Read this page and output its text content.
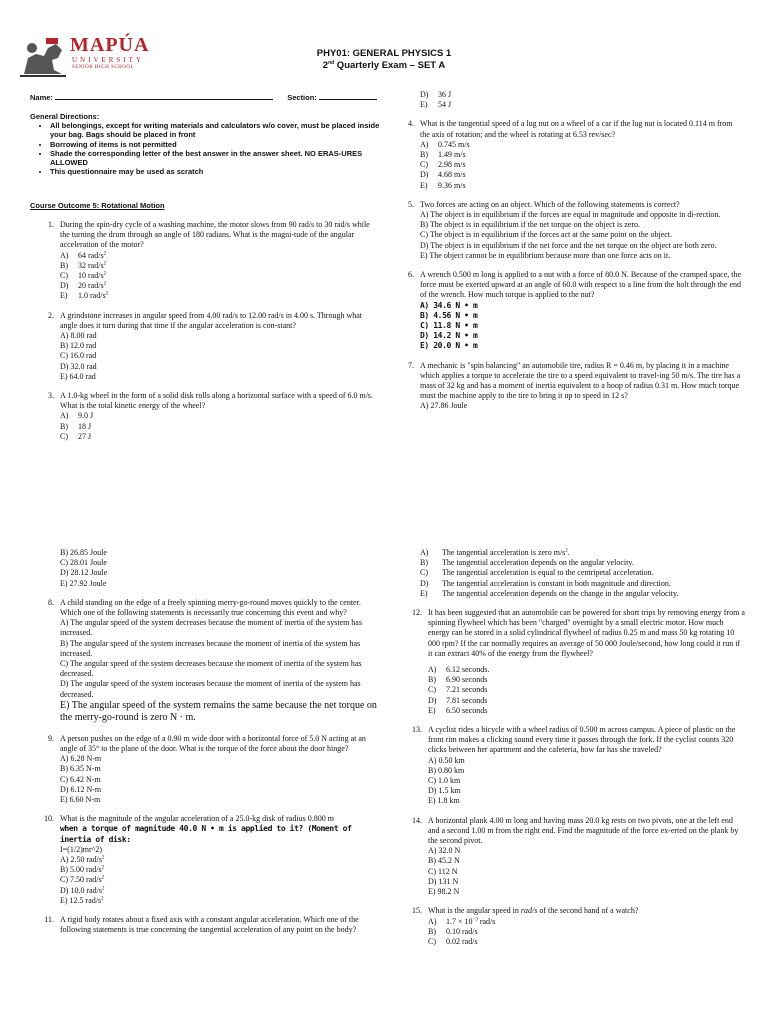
MAPÚA
UNIVERSITY
SENIOR HIGH SCHOOL
PHY01: GENERAL PHYSICS 1
2nd Quarterly Exam – SET A
Name:	Section:
General Directions:
• All belongings, except for writing materials and calculators w/o cover, must be placed inside your bag. Bags should be placed in front
• Borrowing of items is not permitted
• Shade the corresponding letter of the best answer in the answer sheet. NO ERAS-URES ALLOWED
• This questionnaire may be used as scratch
Course Outcome 5: Rotational Motion
1. During the spin-dry cycle of a washing machine, the motor slows from 90 rad/s to 30 rad/s while the turning the drum through an angle of 180 radians. What is the magni-tude of the angular acceleration of the motor?
A)	64 rad/$s^2$
B)	32 rad/$s^2$
C)	10 rad/$s^2$
D)	20 rad/$s^2$
E)	1.0 rad/$s^2$
2. A grindstone increases in angular speed from 4.00 rad/s to 12.00 rad/s in 4.00 s. Through what angle does it turn during that time if the angular acceleration is con-stant?
A) 8.00 rad
B) 12.0 rad
C) 16.0 rad
D) 32.0 rad
E) 64.0 rad
3. A 1.0-kg wheel in the form of a solid disk rolls along a horizontal surface with a speed of 6.0 m/s. What is the total kinetic energy of the wheel?
A)	9.0 J
B)	18 J
C)	27 J
D)	36 J
E)	54 J
4. What is the tangential speed of a lug nut on a wheel of a car if the lug nut is located 0.114 m from the axis of rotation; and the wheel is rotating at 6.53 rev/sec?
A)	0.745 m/s
B)	1.49 m/s
C)	2.98 m/s
D)	4.68 m/s
E)	9.36 m/s
5. Two forces are acting on an object. Which of the following statements is correct?
A) The object is in equilibrium if the forces are equal in magnitude and opposite in di-rection.
B) The object is in equilibrium if the net torque on the object is zero.
C) The object is in equilibrium if the forces act at the same point on the object.
D) The object is in equilibrium if the net force and the net torque on the object are both zero.
E) The object cannot be in equilibrium because more than one force acts on it.
6. A wrench 0.500 m long is applied to a nut with a force of 80.0 N. Because of the cramped space, the force must be exerted upward at an angle of 60.0 with respect to a line from the bolt through the end of the wrench. How much torque is applied to the nut?
A) 34.6 N • m
B) 4.56 N • m
C) 11.8 N • m
D) 14.2 N • m
E) 20.0 N • m
7. A mechanic is "spin balancing" an automobile tire, radius R = 0.46 m, by placing it in a machine which applies a torque to accelerate the tire to a speed equivalent to travel-ing 50 m/s. The tire has a mass of 32 kg and has a moment of inertia equivalent to a hoop of radius 0.31 m. How much torque must the machine apply to the tire to bring it up to speed in 12 s?
A) 27.86 Joule
B) 26.85 Joule
C) 28.01 Joule
D) 28.12 Joule
E) 27.92 Joule
8. A child standing on the edge of a freely spinning merry-go-round moves quickly to the center. Which one of the following statements is necessarily true concerning this event and why?
A) The angular speed of the system decreases because the moment of inertia of the system has increased.
B) The angular speed of the system increases because the moment of inertia of the system has increased.
C) The angular speed of the system decreases because the moment of inertia of the system has decreased.
D) The angular speed of the system increases because the moment of inertia of the system has decreased.
E) The angular speed of the system remains the same because the net torque on the merry-go-round is zero N · m.
9. A person pushes on the edge of a 0.90 m wide door with a horizontal force of 5.0 N acting at an angle of 35° to the plane of the door. What is the torque of the force about the door hinge?
A) 6.28 N-m
B) 6.35 N-m
C) 6.42 N-m
D) 6.12 N-m
E) 6.60 N-m
10. What is the magnitude of the angular acceleration of a 25.0-kg disk of radius 0.800 m
when a torque of magnitude 40.0 N • m is applied to it? (Moment of inertia of disk:
I=(1/2)mr^2)
A) 2.50 rad/$s^2$
B) 5.00 rad/$s^2$
C) 7.50 rad/$s^2$
D) 10.0 rad/$s^2$
E) 12.5 rad/$s^2$
11. A rigid body rotates about a fixed axis with a constant angular acceleration. Which one of the following statements is true concerning the tangential acceleration of any point on the body?
A)	The tangential acceleration is zero $m/s^2$.
B)	The tangential acceleration depends on the angular velocity.
C)	The tangential acceleration is equal to the centripetal acceleration.
D)	The tangential acceleration is constant in both magnitude and direction.
E)	The tangential acceleration depends on the change in the angular velocity.
12. It has been suggested that an automobile can be powered for short trips by removing energy from a spinning flywheel which has been "charged" overnight by a small electric motor. How much energy can be stored in a solid cylindrical flywheel of radius 0.25 m and mass 50 kg rotating 10 000 rpm? If the car normally requires an average of 50 000 Joule/second, how long could it run if it can extract 40% of the energy from the flywheel?
A)	6.12 seconds.
B)	6.90 seconds
C)	7.21 seconds
D)	7.81 seconds
E)	6.50 seconds
13. A cyclist rides a bicycle with a wheel radius of 0.500 m across campus. A piece of plastic on the front rim makes a clicking sound every time it passes through the fork. If the cyclist counts 320 clicks between her apartment and the cafeteria, how far has she traveled?
A) 0.50 km
B) 0.80 km
C) 1.0 km
D) 1.5 km
E) 1.8 km
14. A horizontal plank 4.00 m long and having mass 20.0 kg rests on two pivots, one at the left end and a second 1.00 m from the right end. Find the magnitude of the force ex-erted on the plank by the second pivot.
A) 32.0 N
B) 45.2 N
C) 112 N
D) 131 N
E) 98.2 N
15. What is the angular speed in rad/s of the second hand of a watch?
A)	$1.7 \times 10^{-3}$ rad/s
B)	0.10 rad/s
C)	0.02 rad/s
